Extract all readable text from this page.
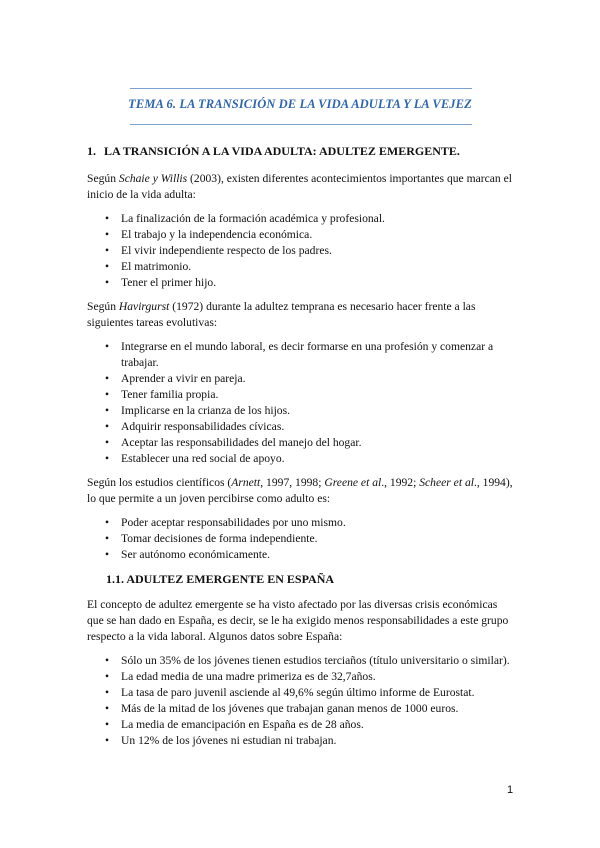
TEMA 6. LA TRANSICIÓN DE LA VIDA ADULTA Y LA VEJEZ
1. LA TRANSICIÓN A LA VIDA ADULTA: ADULTEZ EMERGENTE.

Según Schaie y Willis (2003), existen diferentes acontecimientos importantes que marcan el inicio de la vida adulta:

• La finalización de la formación académica y profesional.
• El trabajo y la independencia económica.
• El vivir independiente respecto de los padres.
• El matrimonio.
• Tener el primer hijo.

Según Havirgurst (1972) durante la adultez temprana es necesario hacer frente a las siguientes tareas evolutivas:

• Integrarse en el mundo laboral, es decir formarse en una profesión y comenzar a trabajar.
• Aprender a vivir en pareja.
• Tener familia propia.
• Implicarse en la crianza de los hijos.
• Adquirir responsabilidades cívicas.
• Aceptar las responsabilidades del manejo del hogar.
• Establecer una red social de apoyo.

Según los estudios científicos (Arnett, 1997, 1998; Greene et al., 1992; Scheer et al., 1994), lo que permite a un joven percibirse como adulto es:

• Poder aceptar responsabilidades por uno mismo.
• Tomar decisiones de forma independiente.
• Ser autónomo económicamente.
1.1. ADULTEZ EMERGENTE EN ESPAÑA

El concepto de adultez emergente se ha visto afectado por las diversas crisis económicas que se han dado en España, es decir, se le ha exigido menos responsabilidades a este grupo respecto a la vida laboral. Algunos datos sobre España:

• Sólo un 35% de los jóvenes tienen estudios terciaños (título universitario o similar).
• La edad media de una madre primeriza es de 32,7años.
• La tasa de paro juvenil asciende al 49,6% según último informe de Eurostat.
• Más de la mitad de los jóvenes que trabajan ganan menos de 1000 euros.
• La media de emancipación en España es de 28 años.
• Un 12% de los jóvenes ni estudian ni trabajan.
1
